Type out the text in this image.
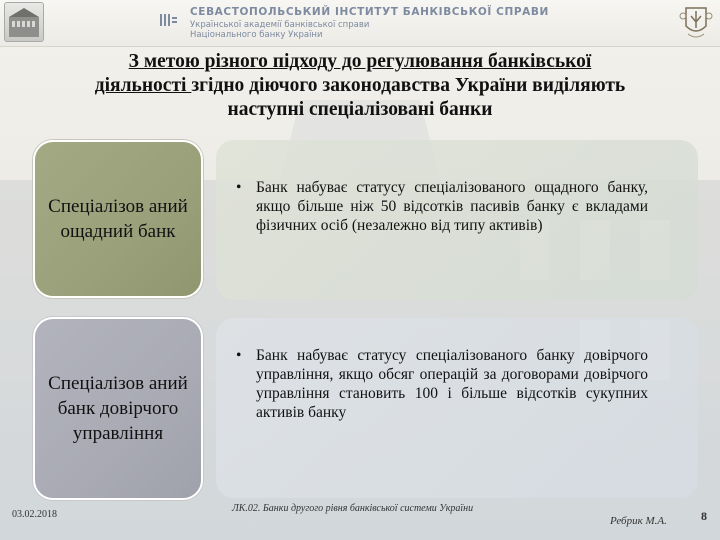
СЕВАСТОПОЛЬСЬКИЙ ІНСТИТУТ БАНКІВСЬКОЇ СПРАВИ
Української академії банківської справи
Національного банку України
З метою різного підходу до регулювання банківської
діяльності згідно діючого законодавства України виділяють
наступні спеціалізовані банки
• Банк набуває статусу спеціалізованого ощадного банку, якщо більше ніж 50 відсотків пасивів банку є вкладами фізичних осіб (незалежно від типу активів)
Спеціалізов аний ощадний банк
• Банк набуває статусу спеціалізованого банку довірчого управління, якщо обсяг операцій за договорами довірчого управління становить 100 і більше відсотків сукупних активів банку
Спеціалізов аний банк довірчого управління
03.02.2018
ЛК.02. Банки другого рівня банківської системи України
Ребрик М.А.	8
